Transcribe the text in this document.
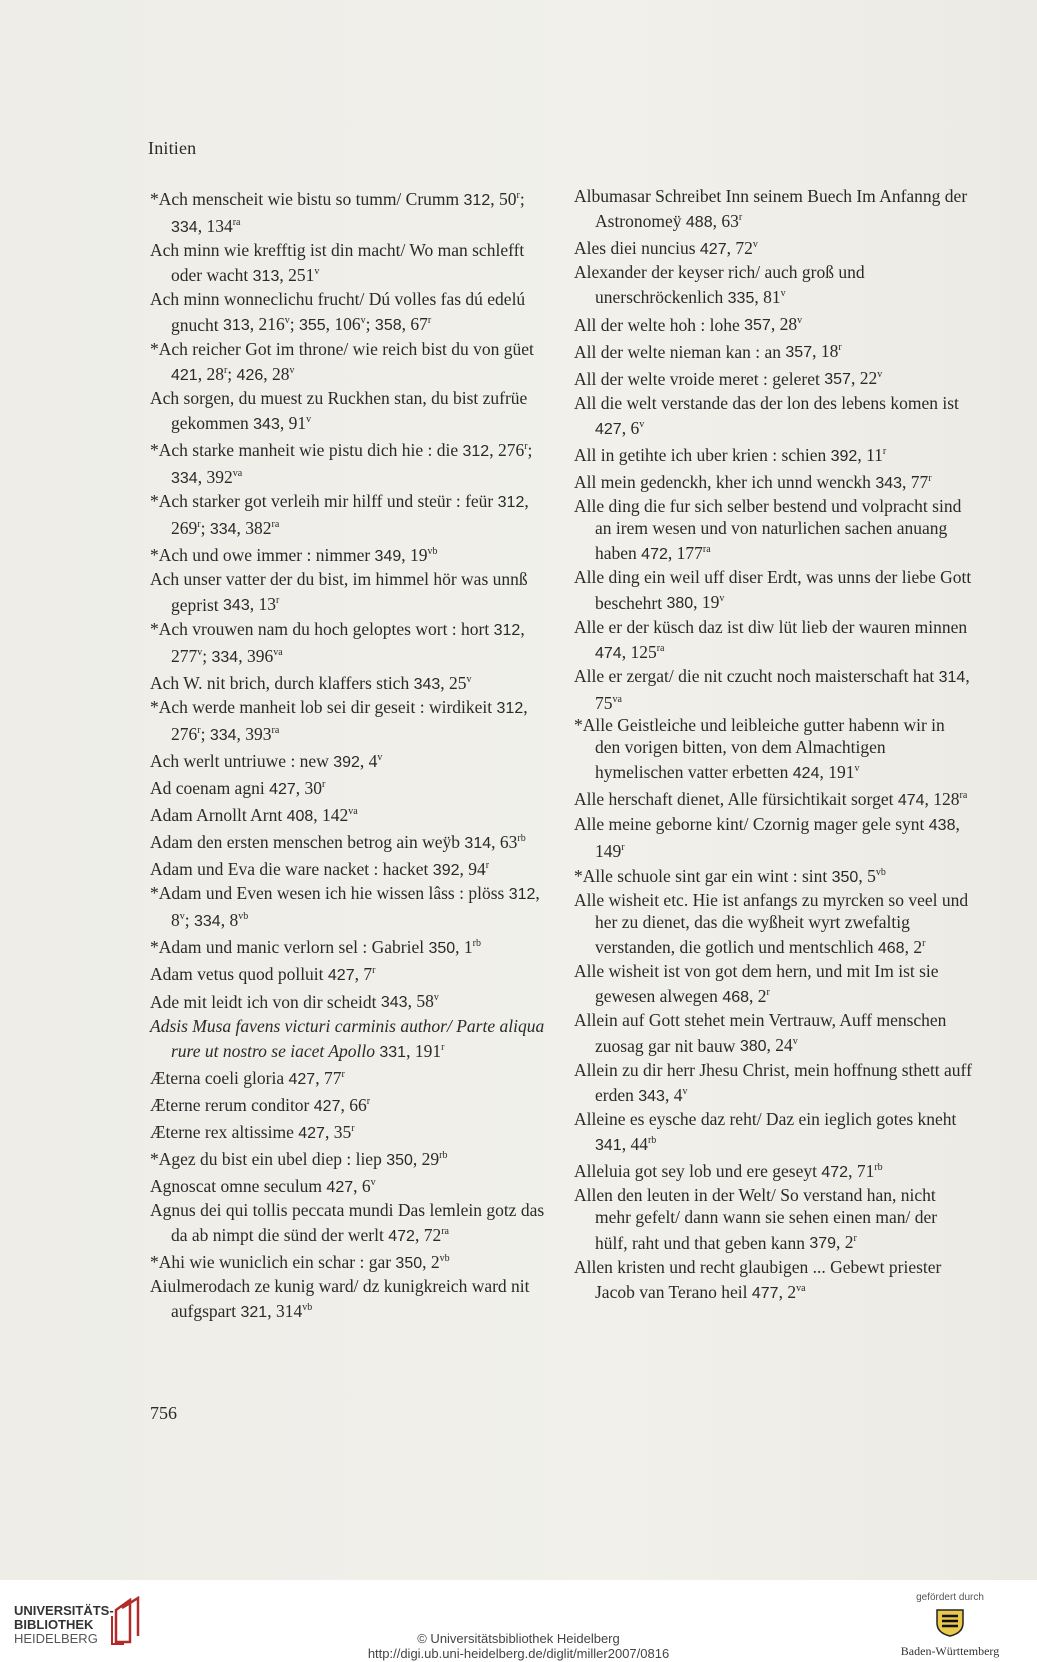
Initien

*Ach menscheit wie bistu so tumm/ Crumm 312, 50$^r$; 334, $134^{ra}$

Ach minn wie krefftig ist din macht/ Wo man schlefft oder wacht 313, 251$^v$

Ach minn wonneclichu frucht/ Dú volles fas dú edelú gnucht 313, 216$^v$; 355, 106$^v$; 358, 67$^r$

*Ach reicher Got im throne/ wie reich bist du von güet 421, 28$^r$; 426, 28$^v$

Ach sorgen, du muest zu Ruckhen stan, du bist zufrüe gekommen 343, 91$^v$

*Ach starke manheit wie pistu dich hie : die 312, 276$^r$; 334, $392^{va}$

*Ach starker got verleih mir hilff und steür : feür 312, 269$^r$; 334, $382^{ra}$

*Ach und owe immer : nimmer 349, $19^{vb}$

Ach unser vatter der du bist, im himmel hör was unnß geprist 343, 13$^r$

*Ach vrouwen nam du hoch geloptes wort : hort 312, 277$^v$; 334, $396^{va}$

Ach W. nit brich, durch klaffers stich 343, 25$^v$

*Ach werde manheit lob sei dir geseit : wirdikeit 312, 276$^r$; 334, $393^{ra}$

Ach werlt untriuwe : new 392, 4$^v$

Ad coenam agni 427, 30$^r$

Adam Arnollt Arnt 408, $142^{va}$

Adam den ersten menschen betrog ain weÿb 314, $63^{rb}$

Adam und Eva die ware nacket : hacket 392, 94$^r$

*Adam und Even wesen ich hie wissen lâss : plöss 312, 8$^v$; 334, $8^{vb}$

*Adam und manic verlorn sel : Gabriel 350, $1^{rb}$

Adam vetus quod polluit 427, 7$^r$

Ade mit leidt ich von dir scheidt 343, 58$^v$

Adsis Musa favens victuri carminis author/ Parte aliqua rure ut nostro se iacet Apollo 331, 191$^r$

Æterna coeli gloria 427, 77$^r$

Æterne rerum conditor 427, 66$^r$

Æterne rex altissime 427, 35$^r$

*Agez du bist ein ubel diep : liep 350, $29^{rb}$

Agnoscat omne seculum 427, 6$^v$

Agnus dei qui tollis peccata mundi Das lemlein gotz das da ab nimpt die sünd der werlt 472, $72^{ra}$

*Ahi wie wuniclich ein schar : gar 350, $2^{vb}$

Aiulmerodach ze kunig ward/ dz kunigkreich ward nit aufgspart 321, $314^{vb}$

Albumasar Schreibet Inn seinem Buech Im Anfanng der Astronomeÿ 488, 63$^r$

Ales diei nuncius 427, 72$^v$

Alexander der keyser rich/ auch groß und unerschröckenlich 335, 81$^v$

All der welte hoh : lohe 357, 28$^v$

All der welte nieman kan : an 357, 18$^r$

All der welte vroide meret : geleret 357, 22$^v$

All die welt verstande das der lon des lebens komen ist 427, 6$^v$

All in getihte ich uber krien : schien 392, 11$^r$

All mein gedenckh, kher ich unnd wenckh 343, 77$^r$

Alle ding die fur sich selber bestend und volpracht sind an irem wesen und von naturlichen sachen anuang haben 472, $177^{ra}$

Alle ding ein weil uff diser Erdt, was unns der liebe Gott beschehrt 380, 19$^v$

Alle er der küsch daz ist diw lüt lieb der wauren minnen 474, $125^{ra}$

Alle er zergat/ die nit czucht noch maisterschaft hat 314, $75^{va}$

*Alle Geistleiche und leibleiche gutter habenn wir in den vorigen bitten, von dem Almachtigen hymelischen vatter erbetten 424, 191$^v$

Alle herschaft dienet, Alle fürsichtikait sorget 474, $128^{ra}$

Alle meine geborne kint/ Czornig mager gele synt 438, 149$^r$

*Alle schuole sint gar ein wint : sint 350, $5^{vb}$

Alle wisheit etc. Hie ist anfangs zu myrcken so veel und her zu dienet, das die wyßheit wyrt zwefaltig verstanden, die gotlich und mentschlich 468, 2$^r$

Alle wisheit ist von got dem hern, und mit Im ist sie gewesen alwegen 468, 2$^r$

Allein auf Gott stehet mein Vertrauw, Auff menschen zuosag gar nit bauw 380, 24$^v$

Allein zu dir herr Jhesu Christ, mein hoffnung sthett auff erden 343, 4$^v$

Alleine es eysche daz reht/ Daz ein ieglich gotes kneht 341, $44^{rb}$

Alleluia got sey lob und ere geseyt 472, $71^{rb}$

Allen den leuten in der Welt/ So verstand han, nicht mehr gefelt/ dann wann sie sehen einen man/ der hülf, raht und that geben kann 379, 2$^r$

Allen kristen und recht glaubigen ... Gebewt priester Jacob van Terano heil 477, $2^{va}$

756
UNIVERSITÄTS-
BIBLIOTHEK
HEIDELBERG	© Universitätsbibliothek Heidelberg
http://digi.ub.uni-heidelberg.de/diglit/miller2007/0816
gefördert durch
Baden-Württemberg
